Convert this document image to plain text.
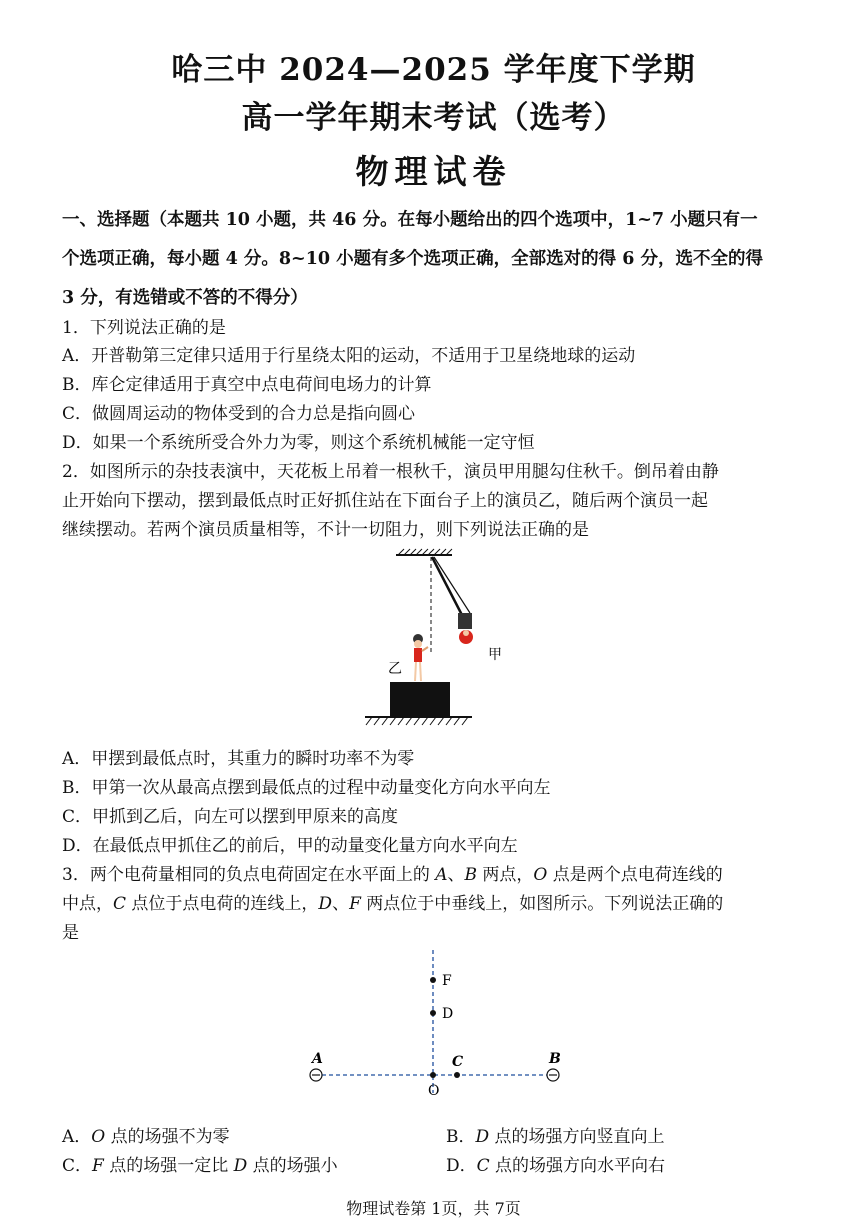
哈三中 2024—2025 学年度下学期
高一学年期末考试（选考）
物理试卷
一、选择题（本题共 10 小题，共 46 分。在每小题给出的四个选项中，1~7 小题只有一
个选项正确，每小题 4 分。8~10 小题有多个选项正确，全部选对的得 6 分，选不全的得
3 分，有选错或不答的不得分）
1．下列说法正确的是
A．开普勒第三定律只适用于行星绕太阳的运动，不适用于卫星绕地球的运动
B．库仑定律适用于真空中点电荷间电场力的计算
C．做圆周运动的物体受到的合力总是指向圆心
D．如果一个系统所受合外力为零，则这个系统机械能一定守恒
2．如图所示的杂技表演中，天花板上吊着一根秋千，演员甲用腿勾住秋千。倒吊着由静
止开始向下摆动，摆到最低点时正好抓住站在下面台子上的演员乙，随后两个演员一起
继续摆动。若两个演员质量相等，不计一切阻力，则下列说法正确的是
乙
甲
A．甲摆到最低点时，其重力的瞬时功率不为零
B．甲第一次从最高点摆到最低点的过程中动量变化方向水平向左
C．甲抓到乙后，向左可以摆到甲原来的高度
D．在最低点甲抓住乙的前后，甲的动量变化量方向水平向左
3．两个电荷量相同的负点电荷固定在水平面上的 A、B 两点，O 点是两个点电荷连线的
中点，C 点位于点电荷的连线上，D、F 两点位于中垂线上，如图所示。下列说法正确的
是
A	B
C
F
D
O
A．O 点的场强不为零	B．D 点的场强方向竖直向上
C．F 点的场强一定比 D 点的场强小	D．C 点的场强方向水平向右
物理试卷第 1页，共 7页
